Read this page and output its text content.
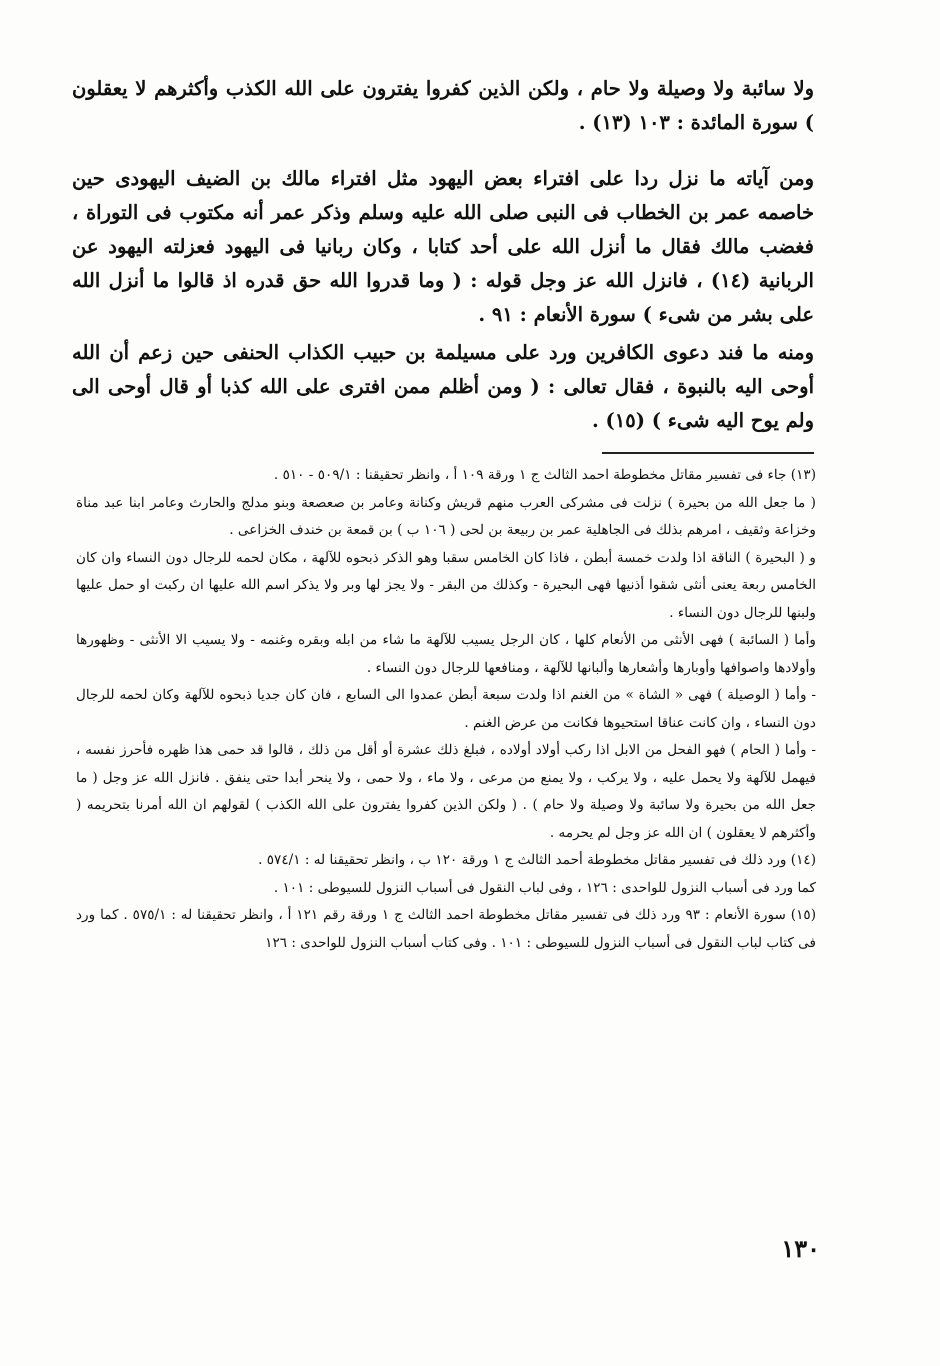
ولا سائبة ولا وصيلة ولا حام ، ولكن الذين كفروا يفترون على الله الكذب وأكثرهم لا يعقلون ) سورة المائدة : ١٠٣ (١٣) .

ومن آياته ما نزل ردا على افتراء بعض اليهود مثل افتراء مالك بن الضيف اليهودى حين خاصمه عمر بن الخطاب فى النبى صلى الله عليه وسلم وذكر عمر أنه مكتوب فى التوراة ، فغضب مالك فقال ما أنزل الله على أحد كتابا ، وكان ربانيا فى اليهود فعزلته اليهود عن الربانية (١٤) ، فانزل الله عز وجل قوله : ( وما قدروا الله حق قدره اذ قالوا ما أنزل الله على بشر من شىء ) سورة الأنعام : ٩١ .

ومنه ما فند دعوى الكافرين ورد على مسيلمة بن حبيب الكذاب الحنفى حين زعم أن الله أوحى اليه بالنبوة ، فقال تعالى : ( ومن أظلم ممن افترى على الله كذبا أو قال أوحى الى ولم يوح اليه شىء ) (١٥) .

(١٣) جاء فى تفسير مقاتل مخطوطة احمد الثالث ج ١ ورقة ١٠٩ أ ، وانظر تحقيقنا : ٥٠٩/١ - ٥١٠ .

( ما جعل الله من بحيرة ) نزلت فى مشركى العرب منهم قريش وكنانة وعامر بن صعصعة وبنو مدلج والحارث وعامر ابنا عبد مناة وخزاعة وثقيف ، امرهم بذلك فى الجاهلية عمر بن ربيعة بن لحى ( ١٠٦ ب ) بن قمعة بن خندف الخزاعى .

و ( البحيرة ) الناقة اذا ولدت خمسة أبطن ، فاذا كان الخامس سقبا وهو الذكر ذبحوه للآلهة ، مكان لحمه للرجال دون النساء وان كان الخامس ربعة يعنى أنثى شقوا أذنيها فهى البحيرة - وكذلك من البقر - ولا يجز لها وبر ولا يذكر اسم الله عليها ان ركبت او حمل عليها ولبنها للرجال دون النساء .

وأما ( السائبة ) فهى الأنثى من الأنعام كلها ، كان الرجل يسيب للآلهة ما شاء من ابله وبقره وغنمه - ولا يسيب الا الأنثى - وظهورها وأولادها واصوافها وأوبارها وأشعارها وألبانها للآلهة ، ومنافعها للرجال دون النساء .

- وأما ( الوصيلة ) فهى « الشاة » من الغنم اذا ولدت سبعة أبطن عمدوا الى السابع ، فان كان جديا ذبحوه للآلهة وكان لحمه للرجال دون النساء ، وان كانت عناقا استحيوها فكانت من عرض الغنم .

- وأما ( الحام ) فهو الفحل من الابل اذا ركب أولاد أولاده ، فبلغ ذلك عشرة أو أقل من ذلك ، قالوا قد حمى هذا ظهره فأحرز نفسه ، فيهمل للآلهة ولا يحمل عليه ، ولا يركب ، ولا يمنع من مرعى ، ولا ماء ، ولا حمى ، ولا ينحر أبدا حتى ينفق . فانزل الله عز وجل ( ما جعل الله من بحيرة ولا سائبة ولا وصيلة ولا حام ) . ( ولكن الذين كفروا يفترون على الله الكذب ) لقولهم ان الله أمرنا بتحريمه ( وأكثرهم لا يعقلون ) ان الله عز وجل لم يحرمه .

(١٤) ورد ذلك فى تفسير مقاتل مخطوطة أحمد الثالث ج ١ ورقة ١٢٠ ب ، وانظر تحقيقنا له : ٥٧٤/١ .

كما ورد فى أسباب النزول للواحدى : ١٢٦ ، وفى لباب النقول فى أسباب النزول للسيوطى : ١٠١ .

(١٥) سورة الأنعام : ٩٣ ورد ذلك فى تفسير مقاتل مخطوطة احمد الثالث ج ١ ورقة رقم ١٢١ أ ، وانظر تحقيقنا له : ٥٧٥/١ . كما ورد فى كتاب لباب النقول فى أسباب النزول للسيوطى : ١٠١ . وفى كتاب أسباب النزول للواحدى : ١٢٦

١٣٠
